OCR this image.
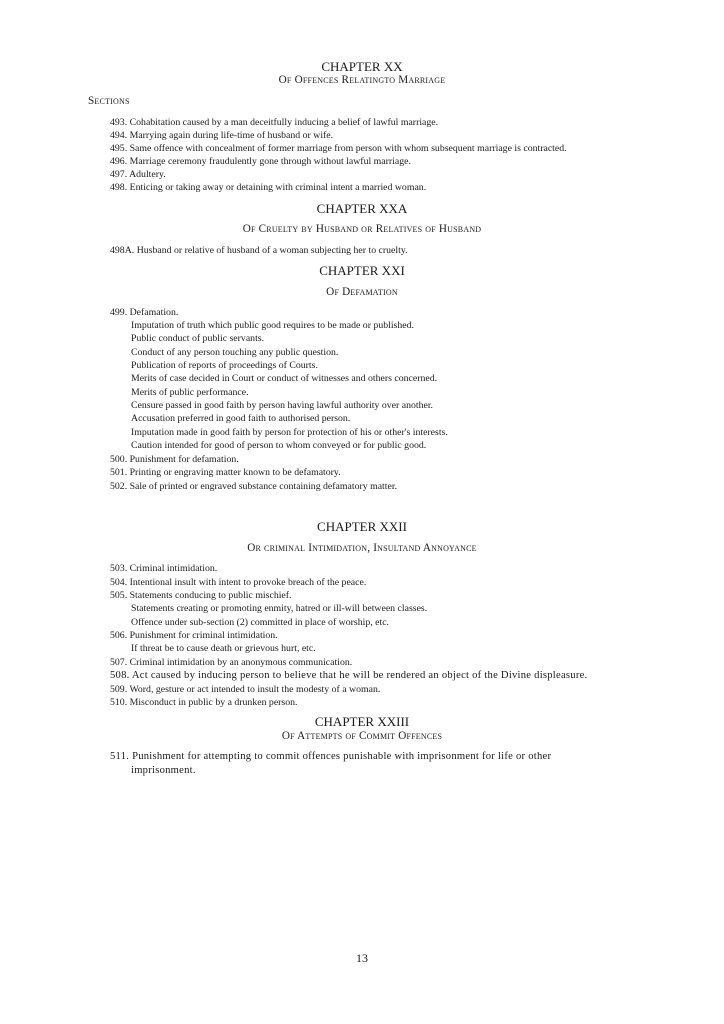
CHAPTER XX
Of Offences Relatingto Marriage
Sections
493. Cohabitation caused by a man deceitfully inducing a belief of lawful marriage.
494. Marrying again during life-time of husband or wife.
495. Same offence with concealment of former marriage from person with whom subsequent marriage is contracted.
496. Marriage ceremony fraudulently gone through without lawful marriage.
497. Adultery.
498. Enticing or taking away or detaining with criminal intent a married woman.
CHAPTER XXA
Of Cruelty by Husband or Relatives of Husband
498A. Husband or relative of husband of a woman subjecting her to cruelty.
CHAPTER XXI
Of Defamation
499. Defamation.
Imputation of truth which public good requires to be made or published.
Public conduct of public servants.
Conduct of any person touching any public question.
Publication of reports of proceedings of Courts.
Merits of case decided in Court or conduct of witnesses and others concerned.
Merits of public performance.
Censure passed in good faith by person having lawful authority over another.
Accusation preferred in good faith to authorised person.
Imputation made in good faith by person for protection of his or other's interests.
Caution intended for good of person to whom conveyed or for public good.
500. Punishment for defamation.
501. Printing or engraving matter known to be defamatory.
502. Sale of printed or engraved substance containing defamatory matter.
CHAPTER XXII
Or criminal Intimidation, Insultand Annoyance
503. Criminal intimidation.
504. Intentional insult with intent to provoke breach of the peace.
505. Statements conducing to public mischief.
Statements creating or promoting enmity, hatred or ill-will between classes.
Offence under sub-section (2) committed in place of worship, etc.
506. Punishment for criminal intimidation.
If threat be to cause death or grievous hurt, etc.
507. Criminal intimidation by an anonymous communication.
508. Act caused by inducing person to believe that he will be rendered an object of the Divine displeasure.
509. Word, gesture or act intended to insult the modesty of a woman.
510. Misconduct in public by a drunken person.
CHAPTER XXIII
Of Attempts of Commit Offences
511. Punishment for attempting to commit offences punishable with imprisonment for life or other
imprisonment.
13
